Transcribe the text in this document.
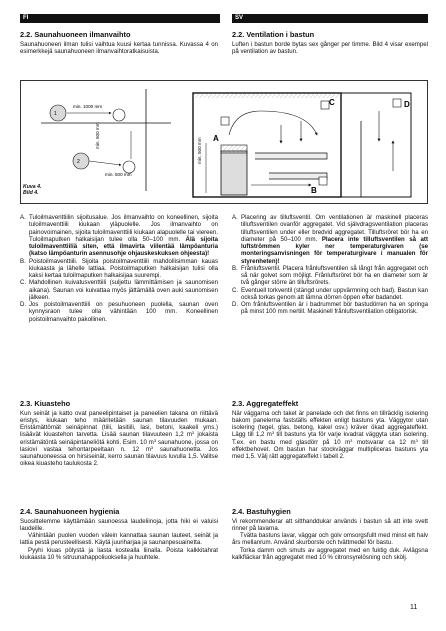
FI	SV
2.2. Saunahuoneen ilmanvaihto

Saunahuoneen ilman tulisi vaihtua kuusi kertaa tunnissa. Kuvassa 4 on esimerkkejä saunahuoneen ilmanvaihtoratkaisuista.

2.2. Ventilation i bastun

Luften i bastun borde bytas sex gånger per timme. Bild 4 visar exempel på ventilation av bastun.

1
min. 1000 mm
2
min. 500 mm
min. 500 mm
min. 500 mm A
B
C	D
Kuva 4.
Bild 4.
A. Tuloilmaventtiilin sijoitusalue. Jos ilmanvaihto on koneellinen, sijoita tuloilmaventtiili kiukaan yläpuolelle. Jos ilmanvaihto on painovoimainen, sijoita tuloilmaventtiili kiukaan alapuolelle tai viereen. Tuloilmaputken halkaisijan tulee olla 50–100 mm. Älä sijoita tuloilmaventtiiliä siten, että ilmavirta viilentää lämpöanturia (katso lämpöanturin asennusohje ohjauskeskuksen ohjeesta)!
B. Poistoilmaventtiili. Sijoita poistoilmaventtiili mahdollisimman kauas kiukaasta ja lähelle lattiaa. Poistoilmaputken halkaisijan tulisi olla kaksi kertaa tuloilmaputken halkaisijaa suurempi.
C. Mahdollinen kuivatusventtiili (suljettu lämmittämisen ja saunomisen aikana). Saunan voi kuivattaa myös jättämällä oven auki saunomisen jälkeen.
D. Jos poistoilmaventtiili on pesuhuoneen puolella, saunan oven kynnysraon tulee olla vähintään 100 mm. Koneellinen poistoilmanvaihto pakollinen.
A. Placering av tilluftsventil. Om ventilationen är maskinell placeras tilluftsventilen ovanför aggregatet. Vid självdragsventilation placeras tilluftsventilen under eller bredvid aggregatet. Tilluftsröret bör ha en diameter på 50–100 mm. Placera inte tilluftsventilen så att luftströmmen kyler ner temperaturgivaren (se monteringsanvisningen för temperaturgivare i manualen för styrenheten)!
B. Frånluftsventil. Placera frånluftsventilen så långt från aggregatet och så när golvet som möjligt. Frånluftsröret bör ha en diameter som är två gånger större än tilluftsrörets.
C. Eventuell torkventil (stängd under uppvärmning och bad). Bastun kan också torkas genom att lämna dörren öppen efter badandet.
D. Om frånluftsventilen är i badrummet bör bastudörren ha en springa på minst 100 mm nertill. Maskinell frånluftsventilation obligatorisk.
2.3. Kiuasteho

Kun seinät ja katto ovat paneelipintaiset ja paneelien takana on riittävä eristys, kiukaan teho määritetään saunan tilavuuden mukaan. Eristämättömät seinäpinnat (tiili, lasitiili, lasi, betoni, kaakeli yms.) lisäävät kiuastehon tarvetta. Lisää saunan tilavuuteen 1,2 $m^3$ jokaista eristämätöntä seinäpintaneliötä kohti. Esim. 10 $m^3$ saunahuone, jossa on lasiovi vastaa tehontarpeeltaan n. 12 $m^3$ saunahuonetta. Jos saunahuoneessa on hirsiseinät, kerro saunan tilavuus luvulla 1,5. Valitse oikea kiuasteho taulukosta 2.

2.3. Aggregateffekt

När väggarna och taket är panelade och det finns en tillräcklig isolering bakom panelerna fastställs effekten enligt bastuns yta. Väggytor utan isolering (tegel, glas, betong, kakel osv.) kräver ökad aggregateffekt. Lägg till 1,2 $m^3$ till bastuns yta för varje kvadrat väggyta utan isolering. T.ex. en bastu med glasdörr på 10 $m^3$ motsvarar ca 12 $m^3$ till effektbehovet. Om bastun har stockväggar multipliceras bastuns yta med 1,5. Välj rätt aggregateffekt i tabell 2.

2.4. Saunahuoneen hygienia

Suosittelemme käyttämään saunoessa laudeliinoja, jotta hiki ei valuisi laudeille.

Vähintään puolen vuoden välein kannattaa saunan lauteet, seinät ja lattia pestä perusteellisesti. Käytä juuriharjaa ja saunanpesuainetta.

Pyyhi kiuas pölystä ja liasta kostealla liinalla. Poista kalkkitahrat kiukaasta 10 % sitruunahappoliuoksella ja huuhtele.

2.4. Bastuhygien

Vi rekommenderar att sitthanddukar används i bastun så att inte svett rinner på lavarna.

Tvätta bastuns lavar, väggar och golv omsorgsfullt med minst ett halv års mellanrum. Använd skurborste och tvättmedel för bastu.

Torka damm och smuts av aggregatet med en fuktig duk. Avlägsna kalkfläckar från aggregatet med 10 % citronsyrelösning och skölj.

11
